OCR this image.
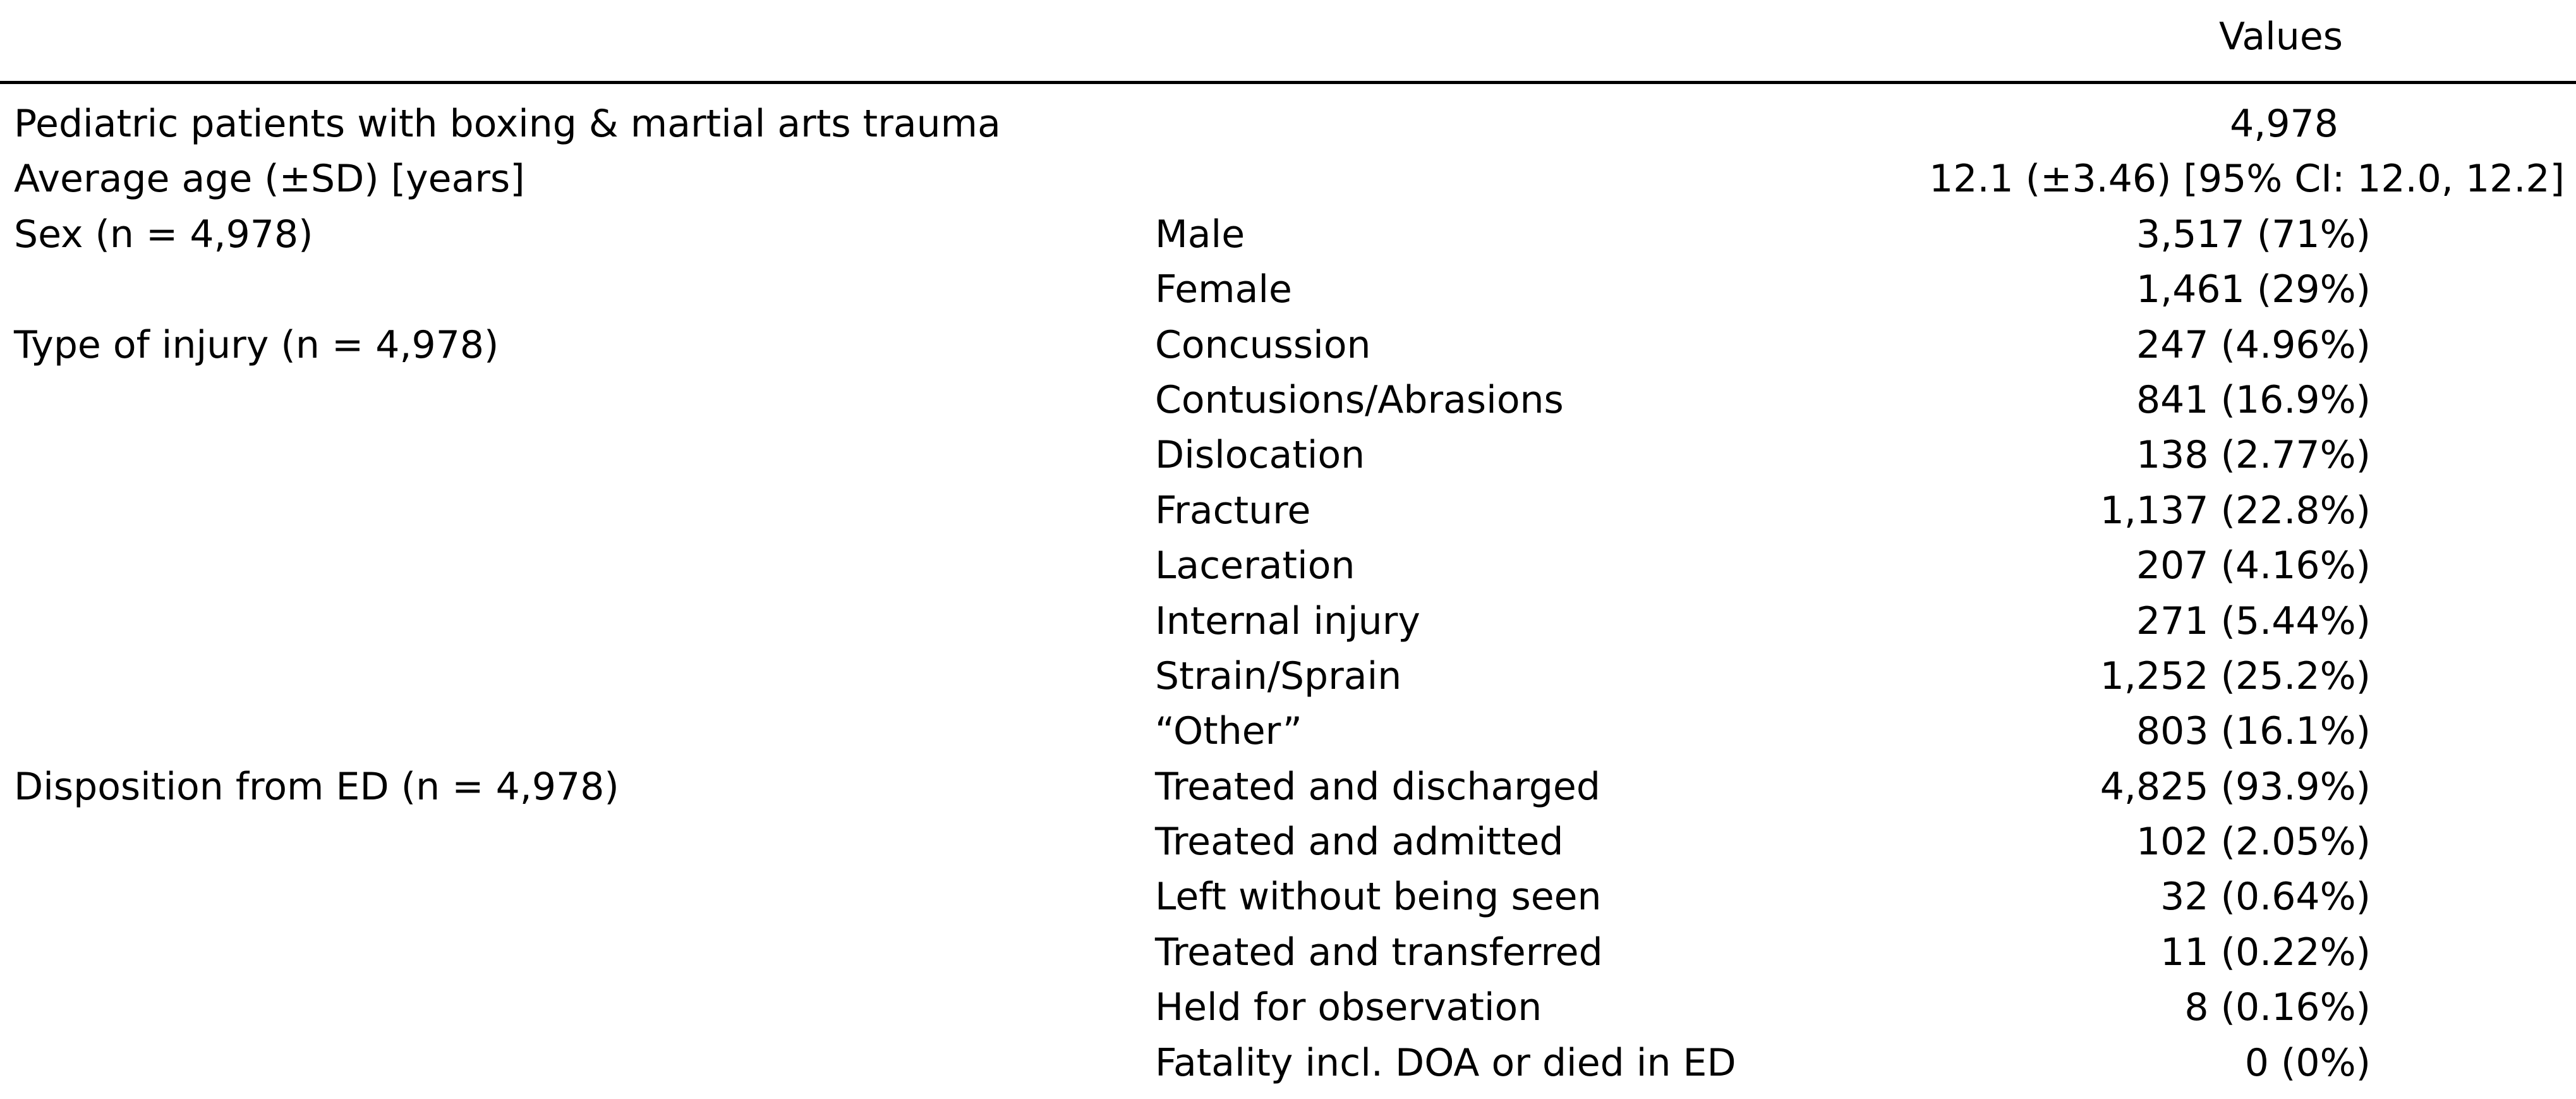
Values
Pediatric patients with boxing & martial arts trauma	4,978
Average age (±SD) [years]	12.1 (±3.46) [95% CI: 12.0, 12.2]
Sex (n = 4,978)	Male	3,517 (71%)
Female	1,461 (29%)
Type of injury (n = 4,978)	Concussion	247 (4.96%)
Contusions/Abrasions	841 (16.9%)
Dislocation	138 (2.77%)
Fracture	1,137 (22.8%)
Laceration	207 (4.16%)
Internal injury	271 (5.44%)
Strain/Sprain	1,252 (25.2%)
“Other”	803 (16.1%)
Disposition from ED (n = 4,978)	Treated and discharged	4,825 (93.9%)
Treated and admitted	102 (2.05%)
Left without being seen	32 (0.64%)
Treated and transferred	11 (0.22%)
Held for observation	8 (0.16%)
Fatality incl. DOA or died in ED	0 (0%)
